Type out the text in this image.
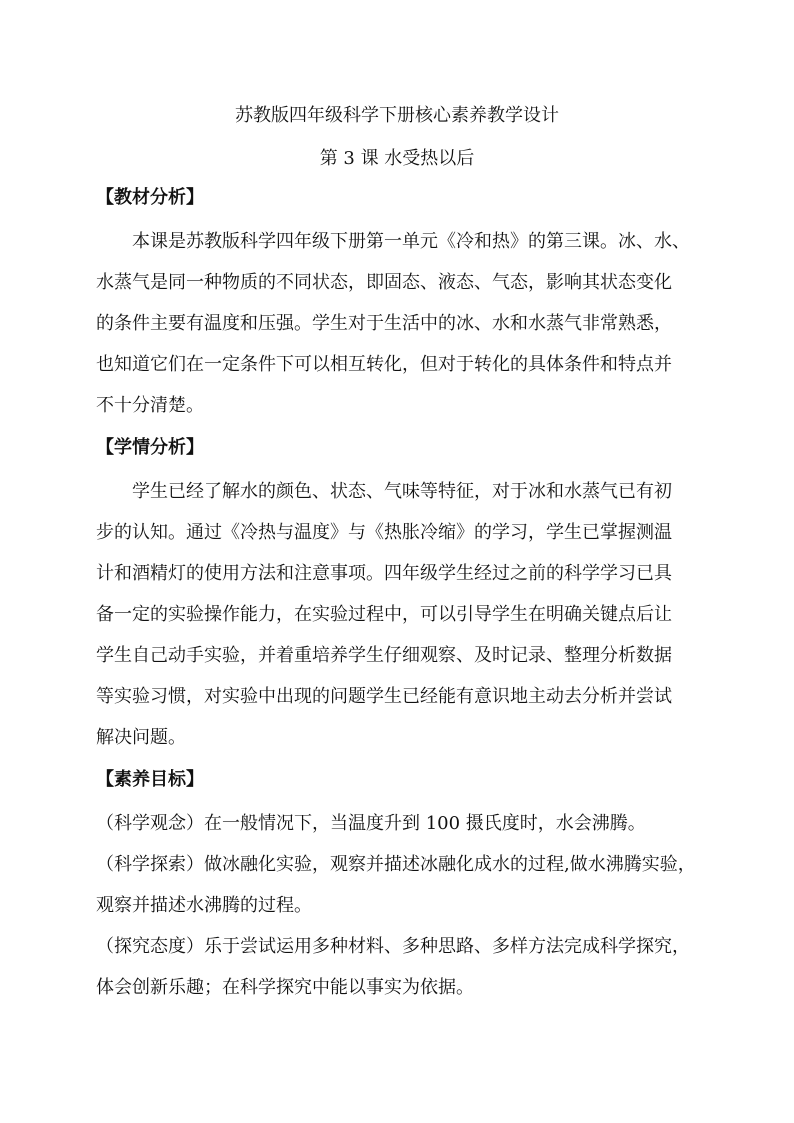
苏教版四年级科学下册核心素养教学设计
第 3 课 水受热以后
【教材分析】
本课是苏教版科学四年级下册第一单元《冷和热》的第三课。冰、水、
水蒸气是同一种物质的不同状态，即固态、液态、气态，影响其状态变化
的条件主要有温度和压强。学生对于生活中的冰、水和水蒸气非常熟悉，
也知道它们在一定条件下可以相互转化，但对于转化的具体条件和特点并
不十分清楚。
【学情分析】
学生已经了解水的颜色、状态、气味等特征，对于冰和水蒸气已有初
步的认知。通过《冷热与温度》与《热胀冷缩》的学习，学生已掌握测温
计和酒精灯的使用方法和注意事项。四年级学生经过之前的科学学习已具
备一定的实验操作能力，在实验过程中，可以引导学生在明确关键点后让
学生自己动手实验，并着重培养学生仔细观察、及时记录、整理分析数据
等实验习惯，对实验中出现的问题学生已经能有意识地主动去分析并尝试
解决问题。
【素养目标】
（科学观念）在一般情况下，当温度升到 100 摄氏度时，水会沸腾。
（科学探索）做冰融化实验，观察并描述冰融化成水的过程,做水沸腾实验，
观察并描述水沸腾的过程。
（探究态度）乐于尝试运用多种材料、多种思路、多样方法完成科学探究，
体会创新乐趣；在科学探究中能以事实为依据。
